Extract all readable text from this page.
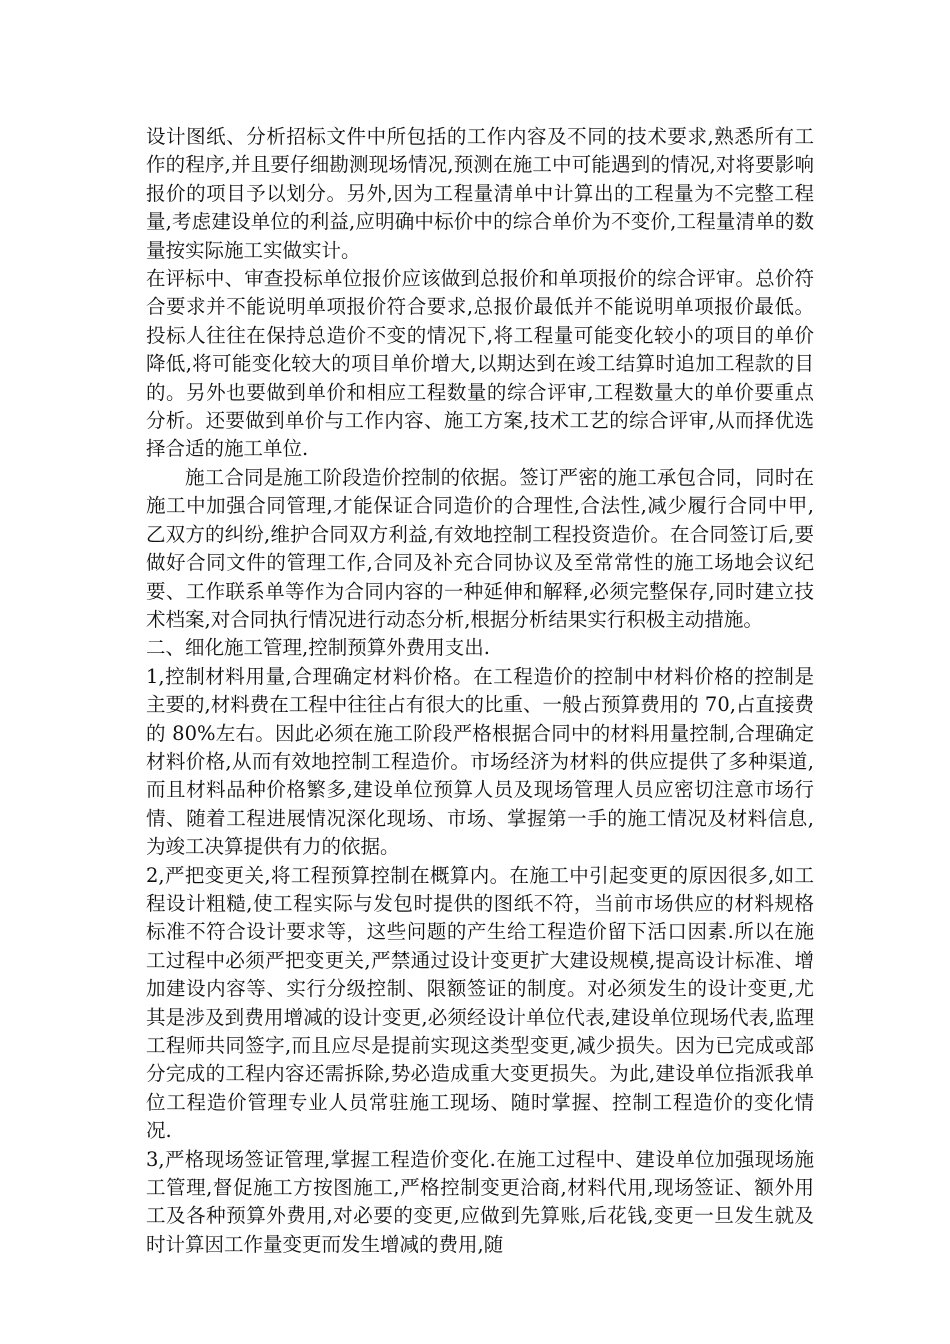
设计图纸、分析招标文件中所包括的工作内容及不同的技术要求,熟悉所有工作的程序,并且要仔细勘测现场情况,预测在施工中可能遇到的情况,对将要影响报价的项目予以划分。另外,因为工程量清单中计算出的工程量为不完整工程量,考虑建设单位的利益,应明确中标价中的综合单价为不变价,工程量清单的数量按实际施工实做实计。

在评标中、审查投标单位报价应该做到总报价和单项报价的综合评审。总价符合要求并不能说明单项报价符合要求,总报价最低并不能说明单项报价最低。投标人往往在保持总造价不变的情况下,将工程量可能变化较小的项目的单价降低,将可能变化较大的项目单价增大,以期达到在竣工结算时追加工程款的目的。另外也要做到单价和相应工程数量的综合评审,工程数量大的单价要重点分析。还要做到单价与工作内容、施工方案,技术工艺的综合评审,从而择优选择合适的施工单位.

施工合同是施工阶段造价控制的依据。签订严密的施工承包合同，同时在施工中加强合同管理,才能保证合同造价的合理性,合法性,减少履行合同中甲,乙双方的纠纷,维护合同双方利益,有效地控制工程投资造价。在合同签订后,要做好合同文件的管理工作,合同及补充合同协议及至常常性的施工场地会议纪要、工作联系单等作为合同内容的一种延伸和解释,必须完整保存,同时建立技术档案,对合同执行情况进行动态分析,根据分析结果实行积极主动措施。

二、细化施工管理,控制预算外费用支出.

1,控制材料用量,合理确定材料价格。在工程造价的控制中材料价格的控制是主要的,材料费在工程中往往占有很大的比重、一般占预算费用的 70,占直接费的 80%左右。因此必须在施工阶段严格根据合同中的材料用量控制,合理确定材料价格,从而有效地控制工程造价。市场经济为材料的供应提供了多种渠道,而且材料品种价格繁多,建设单位预算人员及现场管理人员应密切注意市场行情、随着工程进展情况深化现场、市场、掌握第一手的施工情况及材料信息,为竣工决算提供有力的依据。

2,严把变更关,将工程预算控制在概算内。在施工中引起变更的原因很多,如工程设计粗糙,使工程实际与发包时提供的图纸不符，当前市场供应的材料规格标准不符合设计要求等，这些问题的产生给工程造价留下活口因素.所以在施工过程中必须严把变更关,严禁通过设计变更扩大建设规模,提高设计标准、增加建设内容等、实行分级控制、限额签证的制度。对必须发生的设计变更,尤其是涉及到费用增减的设计变更,必须经设计单位代表,建设单位现场代表,监理工程师共同签字,而且应尽是提前实现这类型变更,减少损失。因为已完成或部分完成的工程内容还需拆除,势必造成重大变更损失。为此,建设单位指派我单位工程造价管理专业人员常驻施工现场、随时掌握、控制工程造价的变化情况.

3,严格现场签证管理,掌握工程造价变化.在施工过程中、建设单位加强现场施工管理,督促施工方按图施工,严格控制变更洽商,材料代用,现场签证、额外用工及各种预算外费用,对必要的变更,应做到先算账,后花钱,变更一旦发生就及时计算因工作量变更而发生增减的费用,随
